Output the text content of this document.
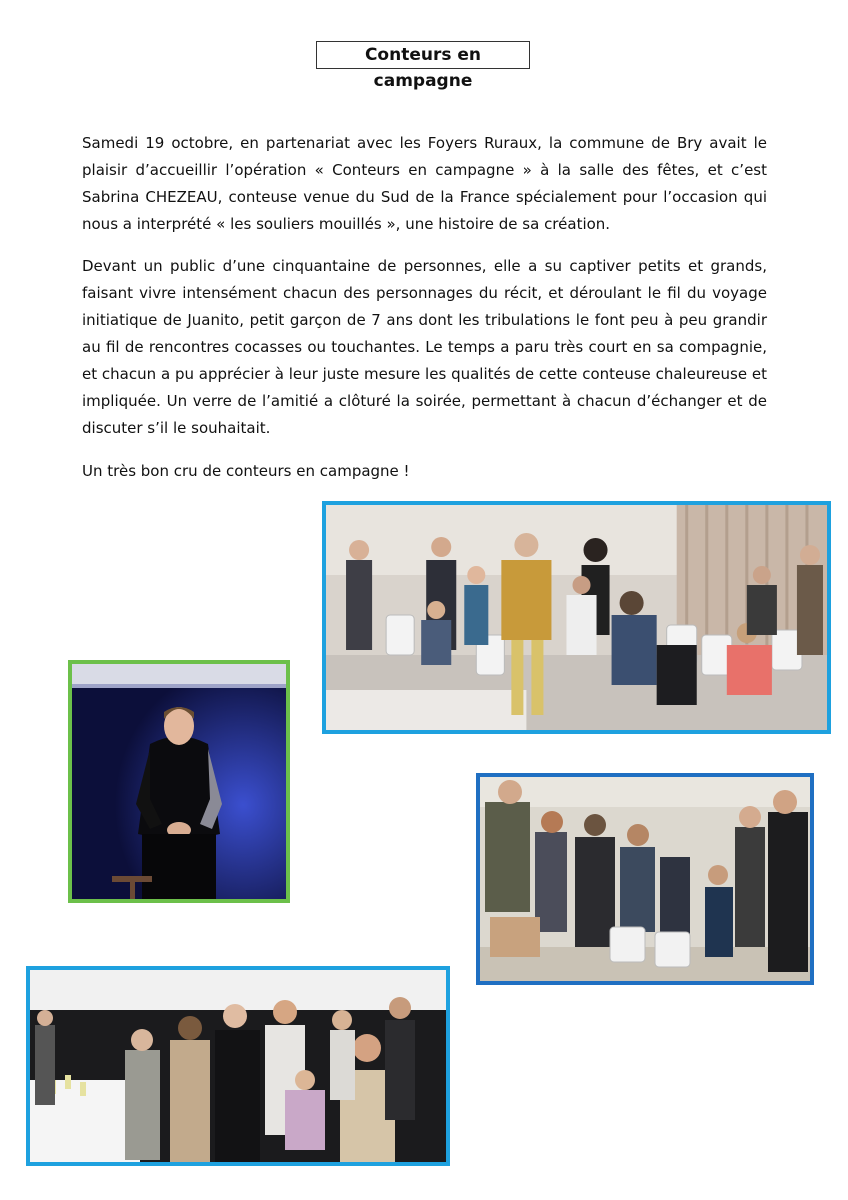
Conteurs en campagne

Samedi 19 octobre, en partenariat avec les Foyers Ruraux, la commune de Bry avait le plaisir d’accueillir l’opération « Conteurs en campagne » à la salle des fêtes, et c’est Sabrina CHEZEAU, conteuse venue du Sud de la France spécialement pour l’occasion qui nous a interprété « les souliers mouillés », une histoire de sa création.

Devant un public d’une cinquantaine de personnes, elle a su captiver petits et grands, faisant vivre intensément chacun des personnages du récit, et déroulant le fil du voyage initiatique de Juanito, petit garçon de 7 ans dont les tribulations le font peu à peu grandir au fil de rencontres cocasses ou touchantes. Le temps a paru très court en sa compagnie, et chacun a pu apprécier à leur juste mesure les qualités de cette conteuse chaleureuse et impliquée. Un verre de l’amitié a clôturé la soirée, permettant à chacun d’échanger et de discuter s’il le souhaitait.

Un très bon cru de conteurs en campagne !
